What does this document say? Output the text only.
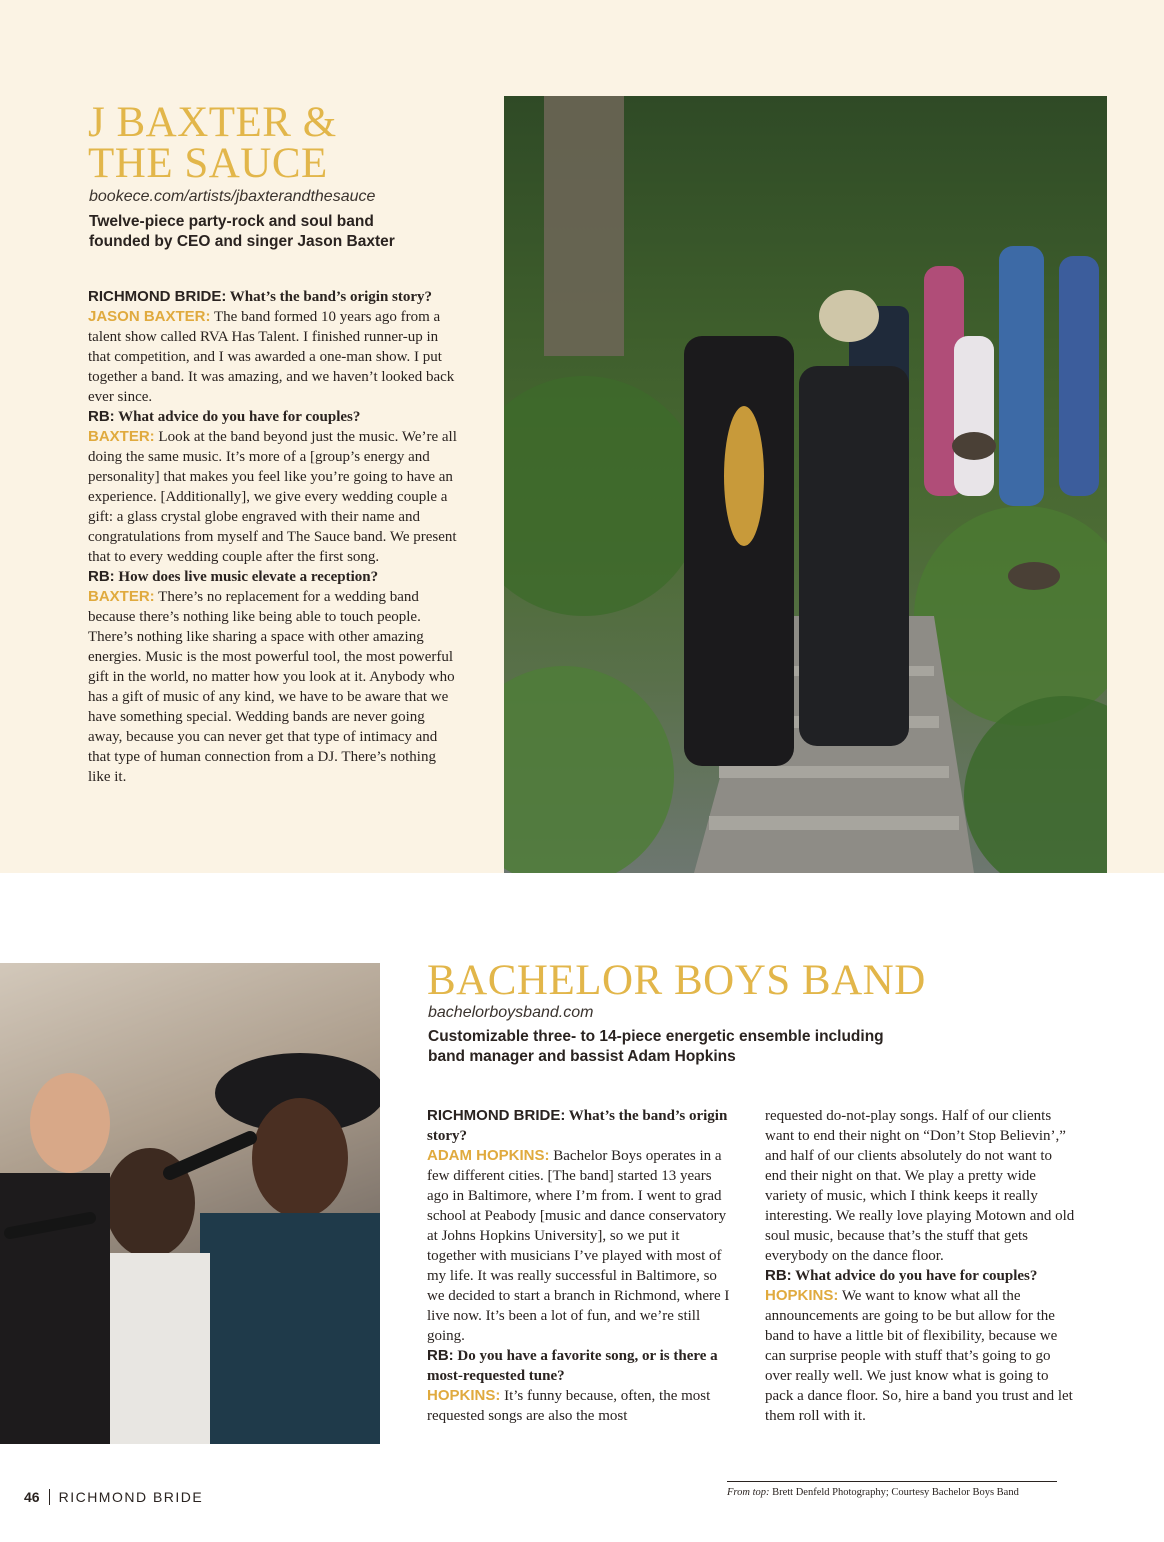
J BAXTER &
THE SAUCE
bookece.com/artists/jbaxterandthesauce
Twelve-piece party-rock and soul band
founded by CEO and singer Jason Baxter

RICHMOND BRIDE: What’s the band’s origin story?

JASON BAXTER: The band formed 10 years ago from a talent show called RVA Has Talent. I finished runner-up in that competition, and I was awarded a one-man show. I put together a band. It was amazing, and we haven’t looked back ever since.

RB: What advice do you have for couples?

BAXTER: Look at the band beyond just the music. We’re all doing the same music. It’s more of a [group’s energy and personality] that makes you feel like you’re going to have an experience. [Additionally], we give every wedding couple a gift: a glass crystal globe engraved with their name and congratulations from myself and The Sauce band. We present that to every wedding couple after the first song.

RB: How does live music elevate a reception?

BAXTER: There’s no replacement for a wedding band because there’s nothing like being able to touch people. There’s nothing like sharing a space with other amazing energies. Music is the most powerful tool, the most powerful gift in the world, no matter how you look at it. Anybody who has a gift of music of any kind, we have to be aware that we have something special. Wedding bands are never going away, because you can never get that type of intimacy and that type of human connection from a DJ. There’s nothing like it.

BACHELOR BOYS BAND
bachelorboysband.com
Customizable three- to 14-piece energetic ensemble including
band manager and bassist Adam Hopkins

RICHMOND BRIDE: What’s the band’s origin story?

ADAM HOPKINS: Bachelor Boys operates in a few different cities. [The band] started 13 years ago in Baltimore, where I’m from. I went to grad school at Peabody [music and dance conservatory at Johns Hopkins University], so we put it together with musicians I’ve played with most of my life. It was really successful in Baltimore, so we decided to start a branch in Richmond, where I live now. It’s been a lot of fun, and we’re still going.

RB: Do you have a favorite song, or is there a most-requested tune?

HOPKINS: It’s funny because, often, the most requested songs are also the most

requested do-not-play songs. Half of our clients want to end their night on “Don’t Stop Believin’,” and half of our clients absolutely do not want to end their night on that. We play a pretty wide variety of music, which I think keeps it really interesting. We really love playing Motown and old soul music, because that’s the stuff that gets everybody on the dance floor.

RB: What advice do you have for couples?

HOPKINS: We want to know what all the announcements are going to be but allow for the band to have a little bit of flexibility, because we can surprise people with stuff that’s going to go over really well. We just know what is going to pack a dance floor. So, hire a band you trust and let them roll with it.

46 RICHMOND BRIDE	From top: Brett Denfeld Photography; Courtesy Bachelor Boys Band
